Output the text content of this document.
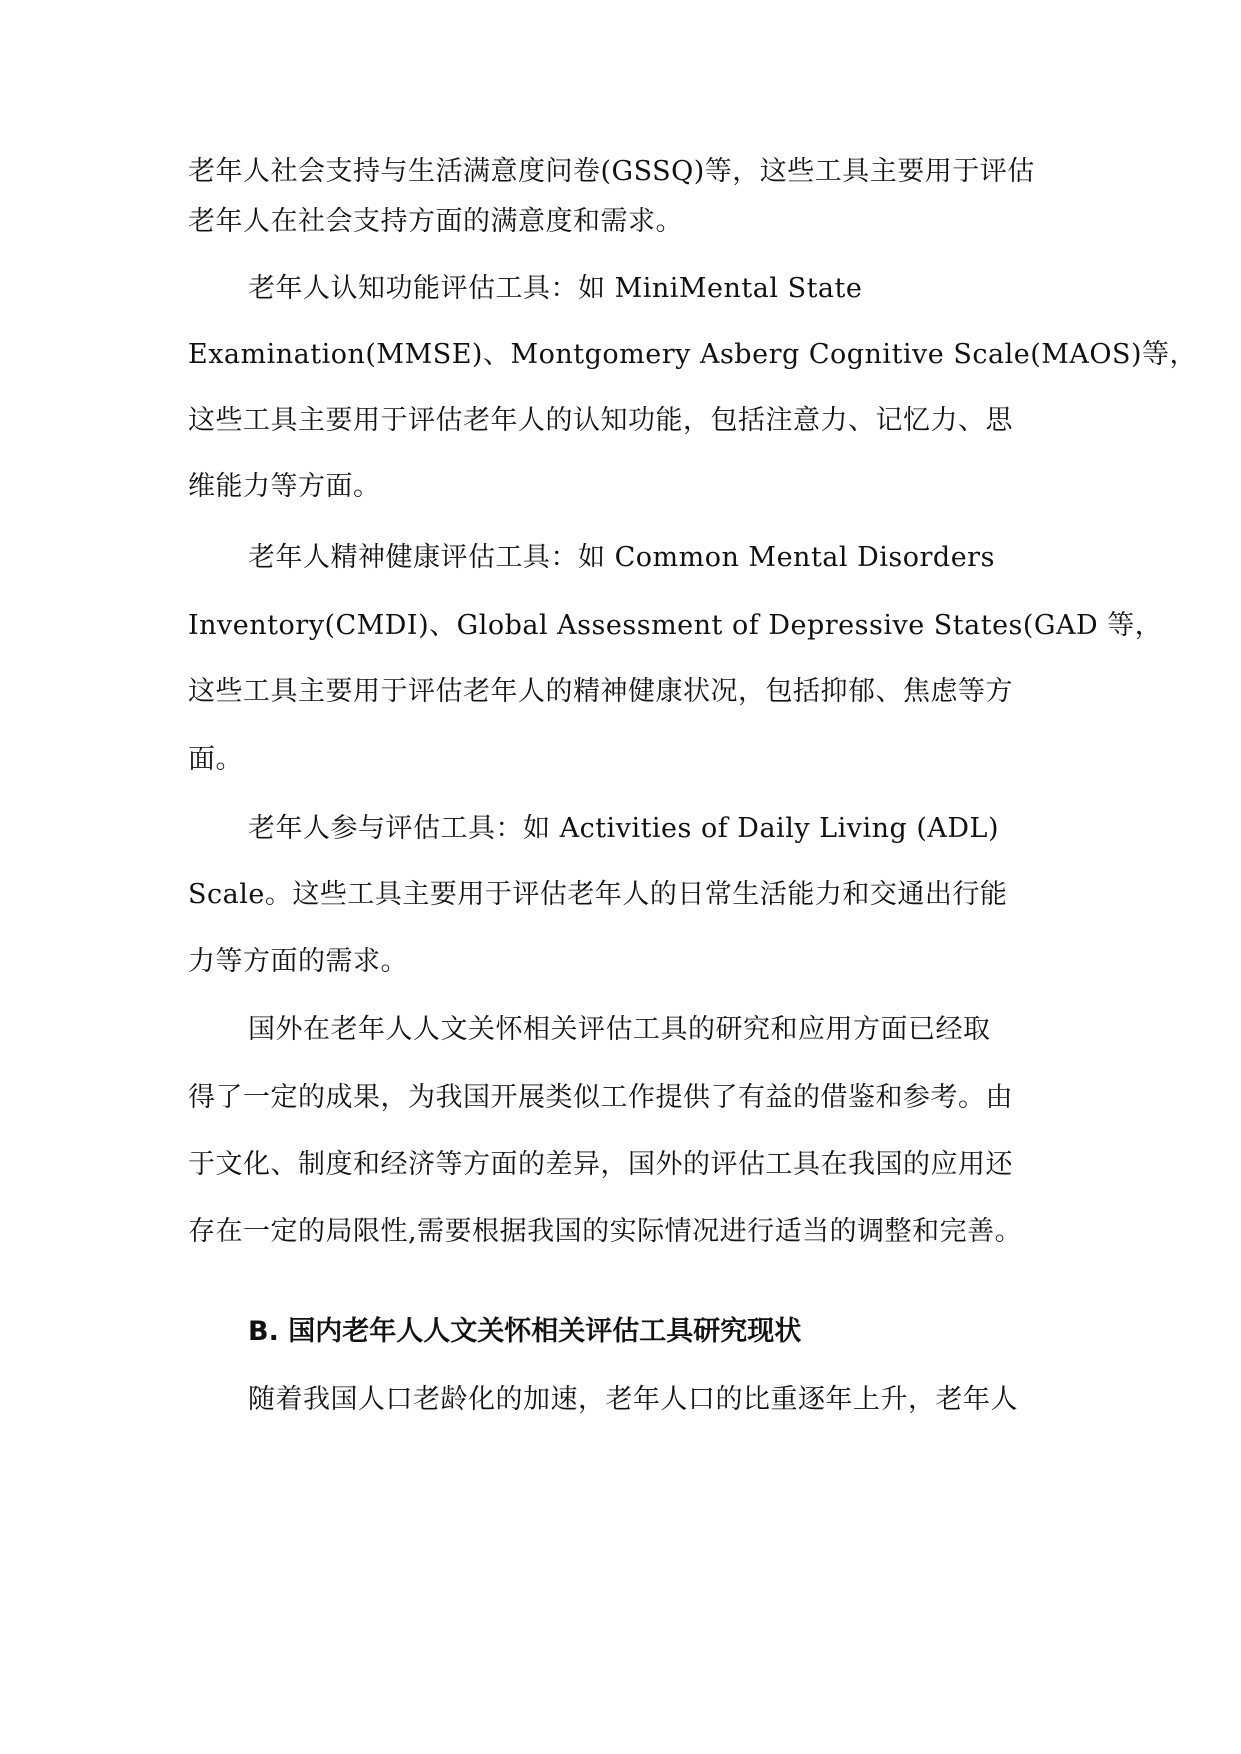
老年人社会支持与生活满意度问卷(GSSQ)等，这些工具主要用于评估
老年人在社会支持方面的满意度和需求。
老年人认知功能评估工具：如 MiniMental State
Examination(MMSE)、Montgomery Asberg Cognitive Scale(MAOS)等，
这些工具主要用于评估老年人的认知功能，包括注意力、记忆力、思
维能力等方面。
老年人精神健康评估工具：如 Common Mental Disorders
Inventory(CMDI)、Global Assessment of Depressive States(GAD 等，
这些工具主要用于评估老年人的精神健康状况，包括抑郁、焦虑等方
面。
老年人参与评估工具：如 Activities of Daily Living (ADL)
Scale。这些工具主要用于评估老年人的日常生活能力和交通出行能
力等方面的需求。
国外在老年人人文关怀相关评估工具的研究和应用方面已经取
得了一定的成果，为我国开展类似工作提供了有益的借鉴和参考。由
于文化、制度和经济等方面的差异，国外的评估工具在我国的应用还
存在一定的局限性,需要根据我国的实际情况进行适当的调整和完善。
B. 国内老年人人文关怀相关评估工具研究现状
随着我国人口老龄化的加速，老年人口的比重逐年上升，老年人
